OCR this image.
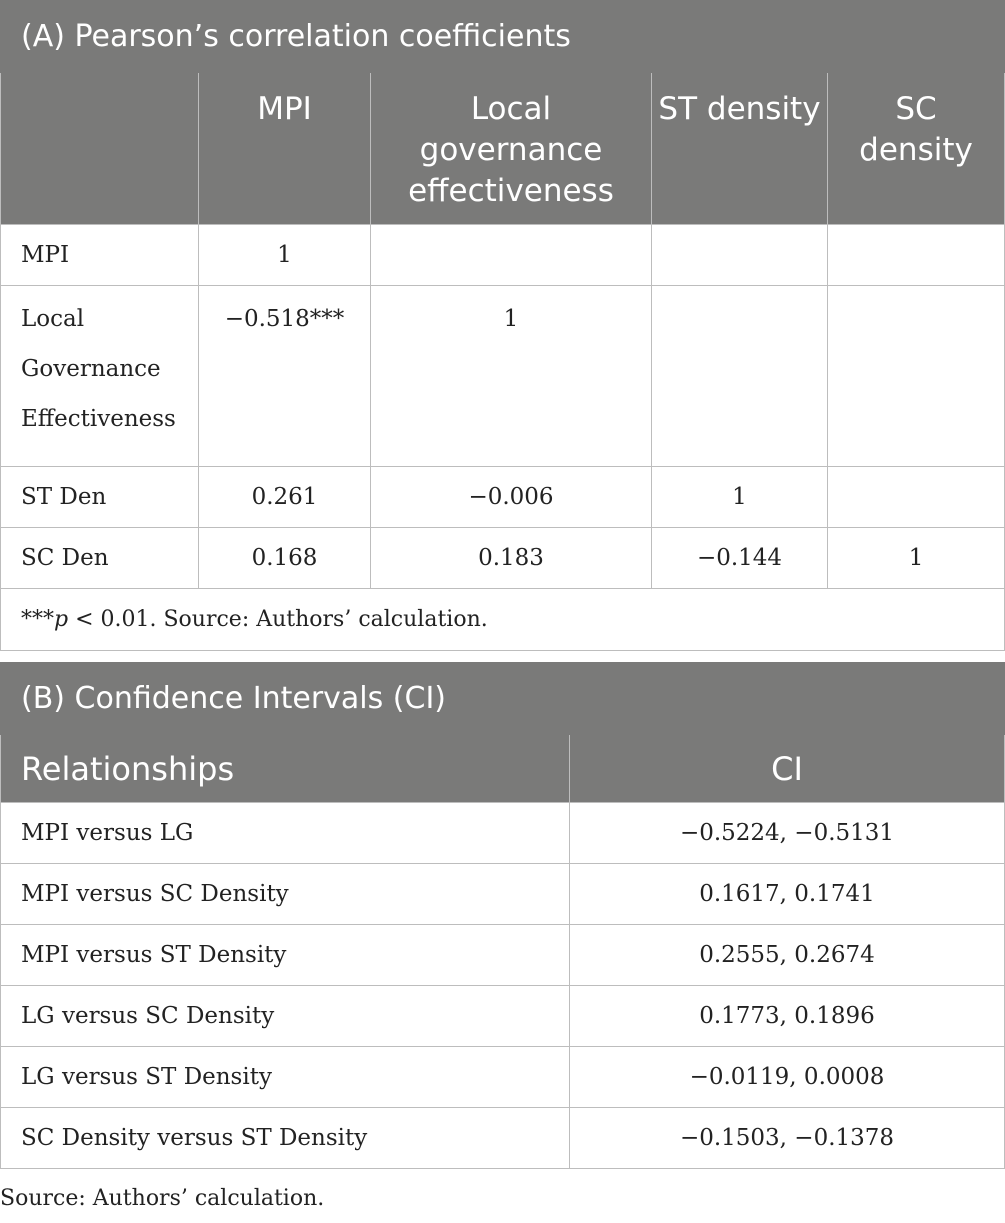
(A) Pearson’s correlation coefficients				
	MPI	Local governance effectiveness	ST density	SC density
MPI	1			
Local Governance Effectiveness	−0.518***	1		
ST Den	0.261	−0.006	1	
SC Den	0.168	0.183	−0.144	1
***p < 0.01. Source: Authors’ calculation.				
(B) Confidence Intervals (CI)	
Relationships	CI
MPI versus LG	−0.5224, −0.5131
MPI versus SC Density	0.1617, 0.1741
MPI versus ST Density	0.2555, 0.2674
LG versus SC Density	0.1773, 0.1896
LG versus ST Density	−0.0119, 0.0008
SC Density versus ST Density	−0.1503, −0.1378
Source: Authors’ calculation.
